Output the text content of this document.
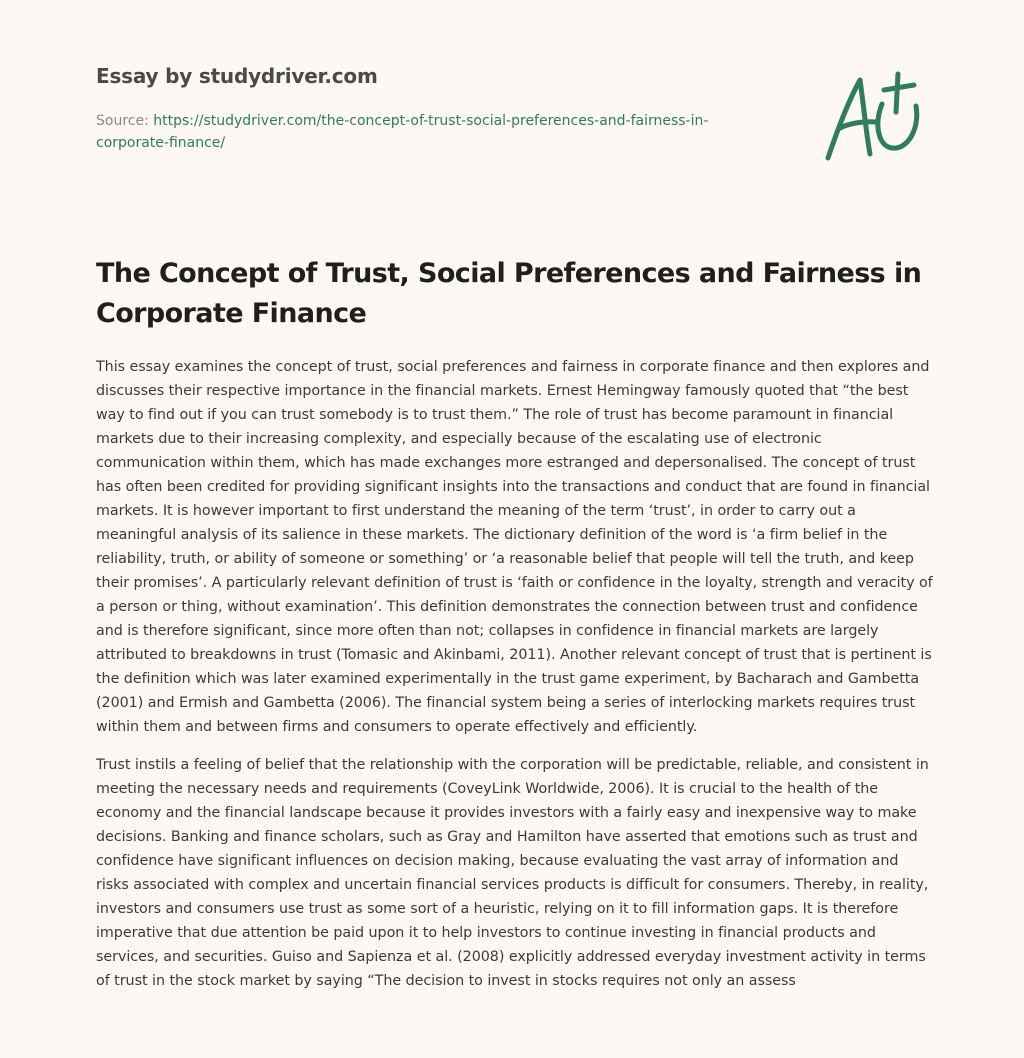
Essay by studydriver.com
Source: https://studydriver.com/the-concept-of-trust-social-preferences-and-fairness-in-corporate-finance/
The Concept of Trust, Social Preferences and Fairness in Corporate Finance

This essay examines the concept of trust, social preferences and fairness in corporate finance and then explores and discusses their respective importance in the financial markets. Ernest Hemingway famously quoted that “the best way to find out if you can trust somebody is to trust them.” The role of trust has become paramount in financial markets due to their increasing complexity, and especially because of the escalating use of electronic communication within them, which has made exchanges more estranged and depersonalised. The concept of trust has often been credited for providing significant insights into the transactions and conduct that are found in financial markets. It is however important to first understand the meaning of the term ‘trust’, in order to carry out a meaningful analysis of its salience in these markets. The dictionary definition of the word is ‘a firm belief in the reliability, truth, or ability of someone or something’ or ‘a reasonable belief that people will tell the truth, and keep their promises’. A particularly relevant definition of trust is ‘faith or confidence in the loyalty, strength and veracity of a person or thing, without examination’. This definition demonstrates the connection between trust and confidence and is therefore significant, since more often than not; collapses in confidence in financial markets are largely attributed to breakdowns in trust (Tomasic and Akinbami, 2011). Another relevant concept of trust that is pertinent is the definition which was later examined experimentally in the trust game experiment, by Bacharach and Gambetta (2001) and Ermish and Gambetta (2006). The financial system being a series of interlocking markets requires trust within them and between firms and consumers to operate effectively and efficiently.

Trust instils a feeling of belief that the relationship with the corporation will be predictable, reliable, and consistent in meeting the necessary needs and requirements (CoveyLink Worldwide, 2006). It is crucial to the health of the economy and the financial landscape because it provides investors with a fairly easy and inexpensive way to make decisions. Banking and finance scholars, such as Gray and Hamilton have asserted that emotions such as trust and confidence have significant influences on decision making, because evaluating the vast array of information and risks associated with complex and uncertain financial services products is difficult for consumers. Thereby, in reality, investors and consumers use trust as some sort of a heuristic, relying on it to fill information gaps. It is therefore imperative that due attention be paid upon it to help investors to continue investing in financial products and services, and securities. Guiso and Sapienza et al. (2008) explicitly addressed everyday investment activity in terms of trust in the stock market by saying “The decision to invest in stocks requires not only an assess
